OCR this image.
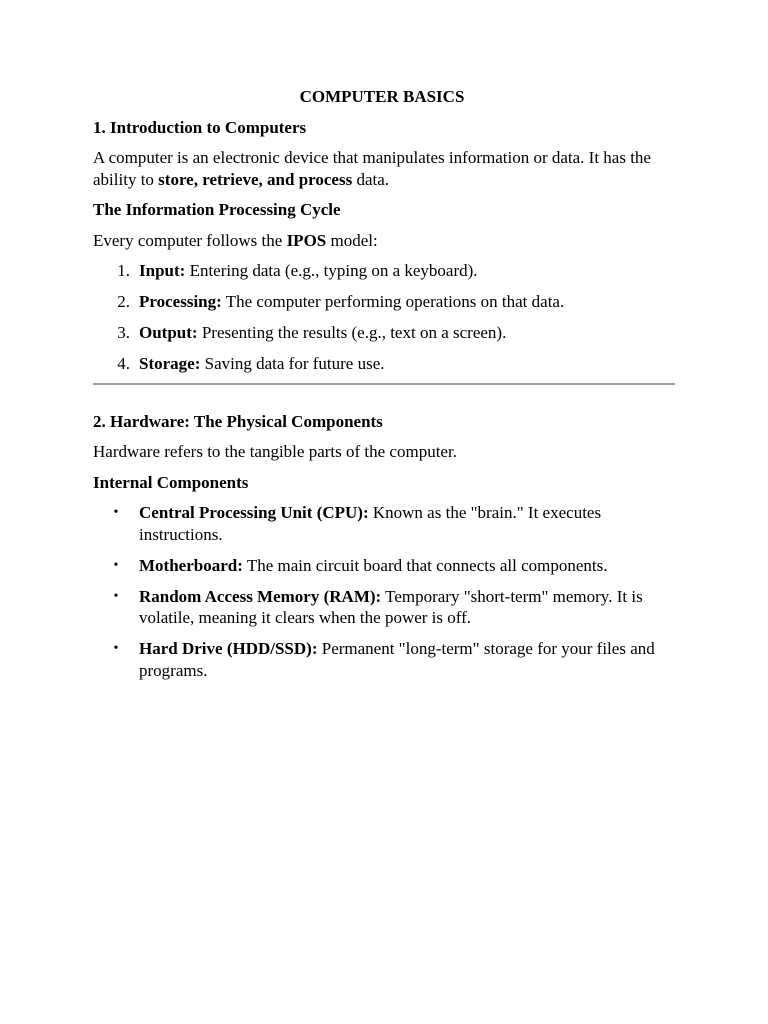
COMPUTER BASICS
1. Introduction to Computers
A computer is an electronic device that manipulates information or data. It has the ability to store, retrieve, and process data.
The Information Processing Cycle
Every computer follows the IPOS model:
1. Input: Entering data (e.g., typing on a keyboard).
2. Processing: The computer performing operations on that data.
3. Output: Presenting the results (e.g., text on a screen).
4. Storage: Saving data for future use.
2. Hardware: The Physical Components
Hardware refers to the tangible parts of the computer.
Internal Components
• Central Processing Unit (CPU): Known as the "brain." It executes instructions.
• Motherboard: The main circuit board that connects all components.
• Random Access Memory (RAM): Temporary "short-term" memory. It is volatile, meaning it clears when the power is off.
• Hard Drive (HDD/SSD): Permanent "long-term" storage for your files and programs.
